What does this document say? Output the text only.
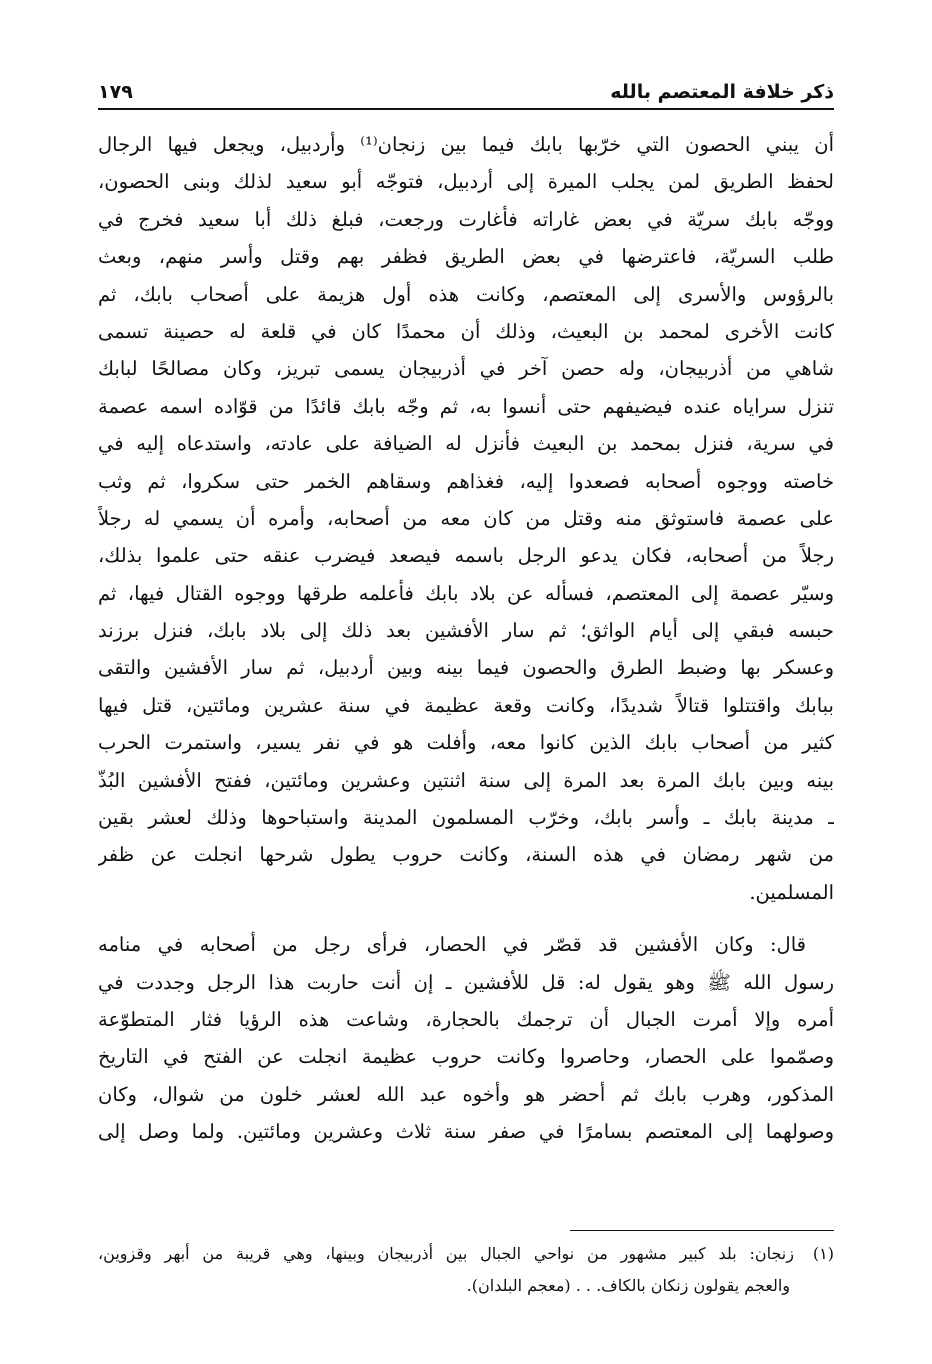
ذكر خلافة المعتصم بالله
١٧٩
أن يبني الحصون التي خرّبها بابك فيما بين زنجان⁽¹⁾ وأردبيل، ويجعل فيها الرجال
لحفظ الطريق لمن يجلب الميرة إلى أردبيل، فتوجّه أبو سعيد لذلك وبنى الحصون،
ووجّه بابك سريّة في بعض غاراته فأغارت ورجعت، فبلغ ذلك أبا سعيد فخرج في
طلب السريّة، فاعترضها في بعض الطريق فظفر بهم وقتل وأسر منهم، وبعث
بالرؤوس والأسرى إلى المعتصم، وكانت هذه أول هزيمة على أصحاب بابك، ثم
كانت الأخرى لمحمد بن البعيث، وذلك أن محمدًا كان في قلعة له حصينة تسمى
شاهي من أذربيجان، وله حصن آخر في أذربيجان يسمى تبريز، وكان مصالحًا لبابك
تنزل سراياه عنده فيضيفهم حتى أنسوا به، ثم وجّه بابك قائدًا من قوّاده اسمه عصمة
في سرية، فنزل بمحمد بن البعيث فأنزل له الضيافة على عادته، واستدعاه إليه في
خاصته ووجوه أصحابه فصعدوا إليه، فغذاهم وسقاهم الخمر حتى سكروا، ثم وثب
على عصمة فاستوثق منه وقتل من كان معه من أصحابه، وأمره أن يسمي له رجلاً
رجلاً من أصحابه، فكان يدعو الرجل باسمه فيصعد فيضرب عنقه حتى علموا بذلك،
وسيّر عصمة إلى المعتصم، فسأله عن بلاد بابك فأعلمه طرقها ووجوه القتال فيها، ثم
حبسه فبقي إلى أيام الواثق؛ ثم سار الأفشين بعد ذلك إلى بلاد بابك، فنزل برزند
وعسكر بها وضبط الطرق والحصون فيما بينه وبين أردبيل، ثم سار الأفشين والتقى
ببابك واقتتلوا قتالاً شديدًا، وكانت وقعة عظيمة في سنة عشرين ومائتين، قتل فيها
كثير من أصحاب بابك الذين كانوا معه، وأفلت هو في نفر يسير، واستمرت الحرب
بينه وبين بابك المرة بعد المرة إلى سنة اثنتين وعشرين ومائتين، ففتح الأفشين البُذّ
ـ مدينة بابك ـ وأسر بابك، وخرّب المسلمون المدينة واستباحوها وذلك لعشر بقين
من شهر رمضان في هذه السنة، وكانت حروب يطول شرحها انجلت عن ظفر
المسلمين.
قال: وكان الأفشين قد قصّر في الحصار، فرأى رجل من أصحابه في منامه
رسول الله ﷺ وهو يقول له: قل للأفشين ـ إن أنت حاربت هذا الرجل وجددت في
أمره وإلا أمرت الجبال أن ترجمك بالحجارة، وشاعت هذه الرؤيا فثار المتطوّعة
وصمّموا على الحصار، وحاصروا وكانت حروب عظيمة انجلت عن الفتح في التاريخ
المذكور، وهرب بابك ثم أحضر هو وأخوه عبد الله لعشر خلون من شوال، وكان
وصولهما إلى المعتصم بسامرًا في صفر سنة ثلاث وعشرين ومائتين. ولما وصل إلى
(١)زنجان: بلد كبير مشهور من نواحي الجبال بين أذربيجان وبينها، وهي قريبة من أبهر وقزوين،
والعجم يقولون زنكان بالكاف. . . (معجم البلدان).
